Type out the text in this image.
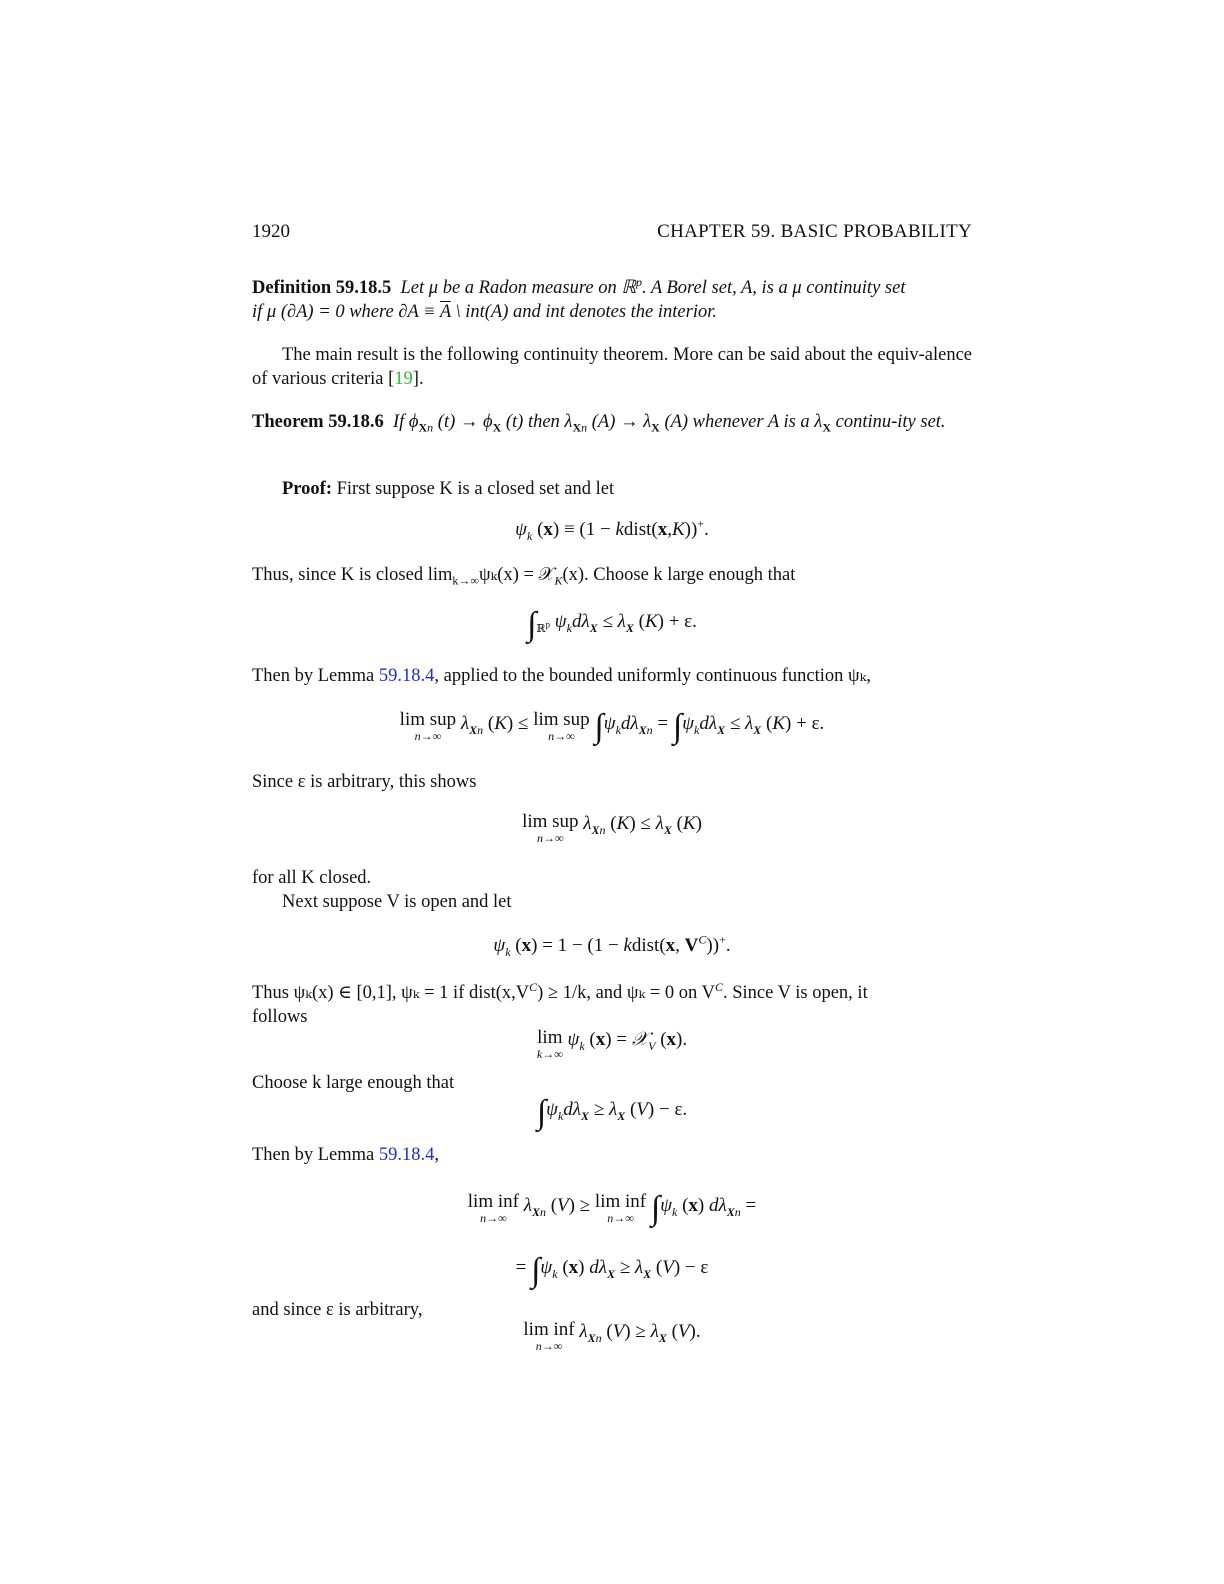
1920	CHAPTER 59. BASIC PROBABILITY

Definition 59.18.5 Let μ be a Radon measure on ℝ$^p$. A Borel set, A, is a μ continuity set

if μ (∂A) = 0 where $\partial A \equiv \overline{A}$ \ int(A) and int denotes the interior.

The main result is the following continuity theorem. More can be said about the equiv-alence of various criteria [19].

Theorem 59.18.6 If $\phi_{Xn}$ $(t) \to \phi_X$ (t) then $\lambda_{Xn}$ $(A) \to \lambda_X$ (A) whenever A is a $\lambda_X$ continu-ity set.

Proof: First suppose K is a closed set and let

$\psi_k$ (x) ≡ (1 − kdist(x,K))+.
Thus, since K is closed $\lim_{k\to\infty}\psi_k(x)$ = 𝒳$_K$(x). Choose k large enough that
$\int_{ℝ^p}$ $\psi_kd\lambda_X \le \lambda_X$ (K) + ε.
Then by Lemma 59.18.4, applied to the bounded uniformly continuous function ψₖ,
lim sup
n→∞
$\lambda_{Xn}$ (K) ≤ lim sup
n→∞ $\int\psi_kd\lambda_{Xn} = \int\psi_kd\lambda_X \le \lambda_X$ (K) + ε.
Since ε is arbitrary, this shows
lim sup
n→∞
$\lambda_{Xn}$ $(K) \le \lambda_X$ (K)

for all K closed.

Next suppose V is open and let

$\psi_k$ (x) = 1 − (1 − kdist(x, $V^C))^+$.

Thus ψₖ(x) ∈ [0,1], ψₖ = 1 if $dist(x,V^C) \ge 1/k$, and ψₖ = 0 on $V^C$. Since V is open, it

follows

lim
k→∞
$\psi_k$ (x) = 𝒳$_V$ (x).
Choose k large enough that
$\int\psi_kd\lambda_X \ge \lambda_X$ (V) − ε.
Then by Lemma 59.18.4,
lim inf
n→∞
$\lambda_{Xn}$ (V) ≥ lim inf
n→∞ $\int\psi_k$ (x) $d\lambda_{Xn}$ =
= $\int\psi_k$ (x) $d\lambda_X \ge \lambda_X$ (V) − ε
and since ε is arbitrary,
lim inf
n→∞
$\lambda_{Xn}$ $(V) \ge \lambda_X$ (V).
